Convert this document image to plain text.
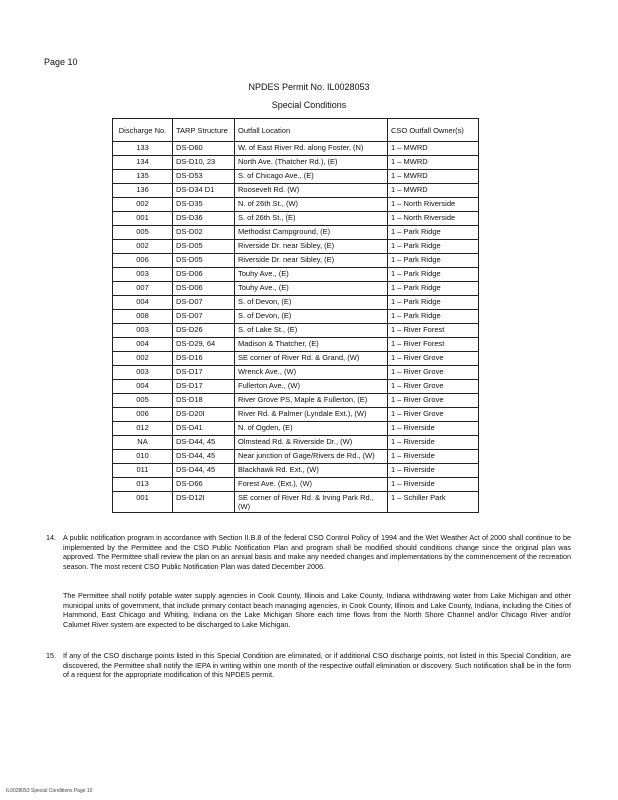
Page 10
NPDES Permit No. IL0028053
Special Conditions
Discharge No.	TARP Structure	Outfall Location	CSO Outfall Owner(s)
133	DS-D60	W. of East River Rd. along Foster, (N)	1 – MWRD
134	DS-D10, 23	North Ave. (Thatcher Rd.), (E)	1 – MWRD
135	DS-D53	S. of Chicago Ave., (E)	1 – MWRD
136	DS-D34 D1	Roosevelt Rd. (W)	1 – MWRD
002	DS-D35	N. of 26th St., (W)	1 – North Riverside
001	DS-D36	S. of 26th St., (E)	1 – North Riverside
005	DS-D02	Methodist Campground, (E)	1 – Park Ridge
002	DS-D05	Riverside Dr. near Sibley, (E)	1 – Park Ridge
006	DS-D05	Riverside Dr. near Sibley, (E)	1 – Park Ridge
003	DS-D06	Touhy Ave., (E)	1 – Park Ridge
007	DS-D06	Touhy Ave., (E)	1 – Park Ridge
004	DS-D07	S. of Devon, (E)	1 – Park Ridge
008	DS-D07	S. of Devon, (E)	1 – Park Ridge
003	DS-D26	S. of Lake St., (E)	1 – River Forest
004	DS-D29, 64	Madison & Thatcher, (E)	1 – River Forest
002	DS-D16	SE corner of River Rd. & Grand, (W)	1 – River Grove
003	DS-D17	Wrenck Ave., (W)	1 – River Grove
004	DS-D17	Fullerton Ave., (W)	1 – River Grove
005	DS-D18	River Grove PS, Maple & Fullerton, (E)	1 – River Grove
006	DS-D20I	River Rd. & Palmer (Lyndale Ext.), (W)	1 – River Grove
012	DS-D41	N. of Ogden, (E)	1 – Riverside
NA	DS-D44, 45	Olmstead Rd. & Riverside Dr., (W)	1 – Riverside
010	DS-D44, 45	Near junction of Gage/Rivers de Rd., (W)	1 – Riverside
011	DS-D44, 45	Blackhawk Rd. Ext., (W)	1 – Riverside
013	DS-D66	Forest Ave. (Ext.), (W)	1 – Riverside
001	DS-D12I	SE corner of River Rd. & Irving Park Rd., (W)	1 – Schiller Park
14. A public notification program in accordance with Section II.B.8 of the federal CSO Control Policy of 1994 and the Wet Weather Act of 2000 shall continue to be implemented by the Permittee and the CSO Public Notification Plan and program shall be modified should conditions change since the original plan was approved. The Permittee shall review the plan on an annual basis and make any needed changes and implementations by the commencement of the recreation season. The most recent CSO Public Notification Plan was dated December 2006.
The Permittee shall notify potable water supply agencies in Cook County, Illinois and Lake County, Indiana withdrawing water from Lake Michigan and other municipal units of government, that include primary contact beach managing agencies, in Cook County, Illinois and Lake County, Indiana, including the Cities of Hammond, East Chicago and Whiting, Indiana on the Lake Michigan Shore each time flows from the North Shore Channel and/or Chicago River and/or Calumet River system are expected to be discharged to Lake Michigan.
15. If any of the CSO discharge points listed in this Special Condition are eliminated, or if additional CSO discharge points, not listed in this Special Condition, are discovered, the Permittee shall notify the IEPA in writing within one month of the respective outfall elimination or discovery. Such notification shall be in the form of a request for the appropriate modification of this NPDES permit.
IL0028053 Special Conditions Page 10
